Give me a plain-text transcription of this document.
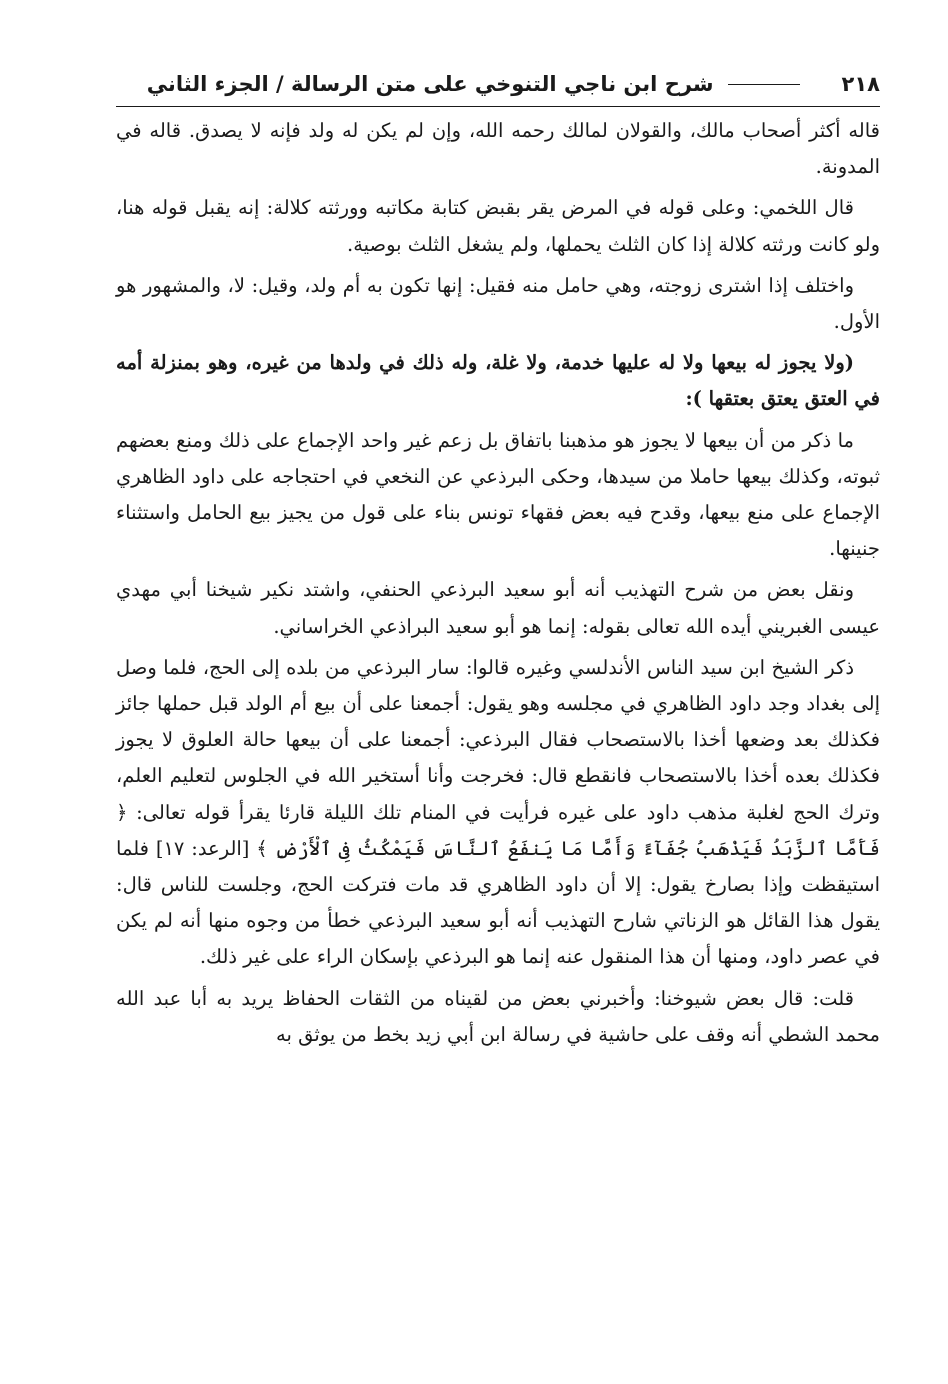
٢١٨
شرح ابن ناجي التنوخي على متن الرسالة / الجزء الثاني

قاله أكثر أصحاب مالك، والقولان لمالك رحمه الله، وإن لم يكن له ولد فإنه لا يصدق. قاله في المدونة.

قال اللخمي: وعلى قوله في المرض يقر بقبض كتابة مكاتبه وورثته كلالة: إنه يقبل قوله هنا، ولو كانت ورثته كلالة إذا كان الثلث يحملها، ولم يشغل الثلث بوصية.

واختلف إذا اشترى زوجته، وهي حامل منه فقيل: إنها تكون به أم ولد، وقيل: لا، والمشهور هو الأول.

(ولا يجوز له بيعها ولا له عليها خدمة، ولا غلة، وله ذلك في ولدها من غيره، وهو بمنزلة أمه في العتق يعتق بعتقها ):

ما ذكر من أن بيعها لا يجوز هو مذهبنا باتفاق بل زعم غير واحد الإجماع على ذلك ومنع بعضهم ثبوته، وكذلك بيعها حاملا من سيدها، وحكى البرذعي عن النخعي في احتجاجه على داود الظاهري الإجماع على منع بيعها، وقدح فيه بعض فقهاء تونس بناء على قول من يجيز بيع الحامل واستثناء جنينها.

ونقل بعض من شرح التهذيب أنه أبو سعيد البرذعي الحنفي، واشتد نكير شيخنا أبي مهدي عيسى الغبريني أيده الله تعالى بقوله: إنما هو أبو سعيد البراذعي الخراساني.

ذكر الشيخ ابن سيد الناس الأندلسي وغيره قالوا: سار البرذعي من بلده إلى الحج، فلما وصل إلى بغداد وجد داود الظاهري في مجلسه وهو يقول: أجمعنا على أن بيع أم الولد قبل حملها جائز فكذلك بعد وضعها أخذا بالاستصحاب فقال البرذعي: أجمعنا على أن بيعها حالة العلوق لا يجوز فكذلك بعده أخذا بالاستصحاب فانقطع قال: فخرجت وأنا أستخير الله في الجلوس لتعليم العلم، وترك الحج لغلبة مذهب داود على غيره فرأيت في المنام تلك الليلة قارئا يقرأ قوله تعالى: ﴿ فَأَمَّا ٱلزَّبَدُ فَيَذْهَبُ جُفَآءً وَأَمَّا مَا يَنفَعُ ٱلنَّاسَ فَيَمْكُثُ فِى ٱلْأَرْضِ ﴾ [الرعد: ١٧] فلما استيقظت وإذا بصارخ يقول: إلا أن داود الظاهري قد مات فتركت الحج، وجلست للناس قال: يقول هذا القائل هو الزناتي شارح التهذيب أنه أبو سعيد البرذعي خطأ من وجوه منها أنه لم يكن في عصر داود، ومنها أن هذا المنقول عنه إنما هو البرذعي بإسكان الراء على غير ذلك.

قلت: قال بعض شيوخنا: وأخبرني بعض من لقيناه من الثقات الحفاظ يريد به أبا عبد الله محمد الشطي أنه وقف على حاشية في رسالة ابن أبي زيد بخط من يوثق به
